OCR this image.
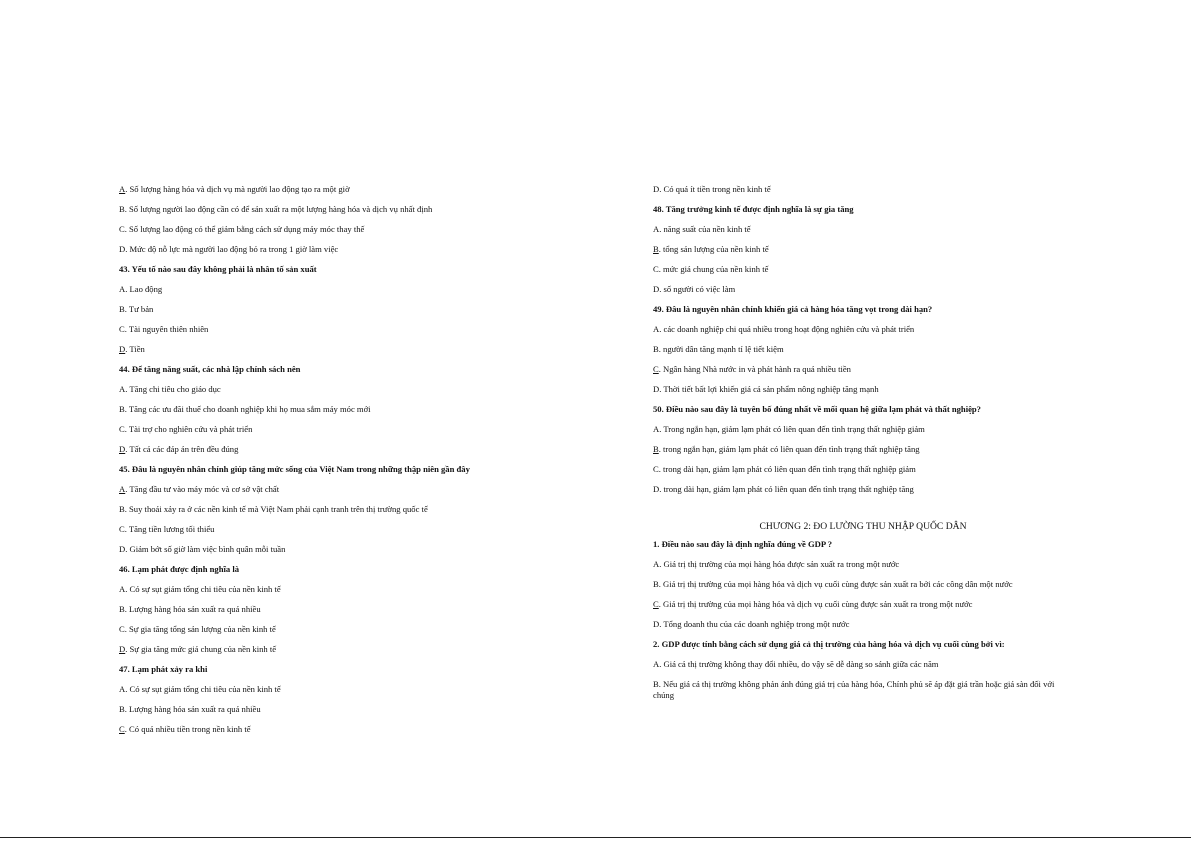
A. Số lượng hàng hóa và dịch vụ mà người lao động tạo ra một giờ

B. Số lượng người lao động cần có để sản xuất ra một lượng hàng hóa và dịch vụ nhất định

C. Số lượng lao động có thể giảm bằng cách sử dụng máy móc thay thế

D. Mức độ nỗ lực mà người lao động bỏ ra trong 1 giờ làm việc

43. Yếu tố nào sau đây không phải là nhân tố sản xuất

A. Lao động

B. Tư bản

C. Tài nguyên thiên nhiên

D. Tiền

44. Để tăng năng suất, các nhà lập chính sách nên

A. Tăng chi tiêu cho giáo dục

B. Tăng các ưu đãi thuế cho doanh nghiệp khi họ mua sắm máy móc mới

C. Tài trợ cho nghiên cứu và phát triển

D. Tất cả các đáp án trên đều đúng

45. Đâu là nguyên nhân chính giúp tăng mức sống của Việt Nam trong những thập niên gần đây

A. Tăng đầu tư vào máy móc và cơ sở vật chất

B. Suy thoái xảy ra ở các nền kinh tế mà Việt Nam phải cạnh tranh trên thị trường quốc tế

C. Tăng tiền lương tối thiểu

D. Giảm bớt số giờ làm việc bình quân mỗi tuần

46. Lạm phát được định nghĩa là

A. Có sự sụt giảm tổng chi tiêu của nền kinh tế

B. Lượng hàng hóa sản xuất ra quá nhiều

C. Sự gia tăng tổng sản lượng của nền kinh tế

D. Sự gia tăng mức giá chung của nền kinh tế

47. Lạm phát xảy ra khi

A. Có sự sụt giảm tổng chi tiêu của nền kinh tế

B. Lượng hàng hóa sản xuất ra quá nhiều

C. Có quá nhiều tiền trong nền kinh tế

D. Có quá ít tiền trong nền kinh tế

48. Tăng trưởng kinh tế được định nghĩa là sự gia tăng

A. năng suất của nền kinh tế

B. tổng sản lượng của nền kinh tế

C. mức giá chung của nền kinh tế

D. số người có việc làm

49. Đâu là nguyên nhân chính khiến giá cả hàng hóa tăng vọt trong dài hạn?

A. các doanh nghiệp chi quá nhiều trong hoạt động nghiên cứu và phát triển

B. người dân tăng mạnh tỉ lệ tiết kiệm

C. Ngân hàng Nhà nước in và phát hành ra quá nhiều tiền

D. Thời tiết bất lợi khiến giá cả sản phẩm nông nghiệp tăng mạnh

50. Điều nào sau đây là tuyên bố đúng nhất về mối quan hệ giữa lạm phát và thất nghiệp?

A. Trong ngắn hạn, giảm lạm phát có liên quan đến tình trạng thất nghiệp giảm

B. trong ngắn hạn, giảm lạm phát có liên quan đến tình trạng thất nghiệp tăng

C. trong dài hạn, giảm lạm phát có liên quan đến tình trạng thất nghiệp giảm

D. trong dài hạn, giảm lạm phát có liên quan đến tình trạng thất nghiệp tăng

CHƯƠNG 2: ĐO LƯỜNG THU NHẬP QUỐC DÂN

1. Điều nào sau đây là định nghĩa đúng về GDP ?

A. Giá trị thị trường của mọi hàng hóa được sản xuất ra trong một nước

B. Giá trị thị trường của mọi hàng hóa và dịch vụ cuối cùng được sản xuất ra bởi các công dân một nước

C. Giá trị thị trường của mọi hàng hóa và dịch vụ cuối cùng được sản xuất ra trong một nước

D. Tổng doanh thu của các doanh nghiệp trong một nước

2. GDP được tính bằng cách sử dụng giá cả thị trường của hàng hóa và dịch vụ cuối cùng bởi vì:

A. Giá cả thị trường không thay đổi nhiều, do vậy sẽ dễ dàng so sánh giữa các năm

B. Nếu giá cả thị trường không phản ánh đúng giá trị của hàng hóa, Chính phủ sẽ áp đặt giá trần hoặc giá sàn đối với chúng
